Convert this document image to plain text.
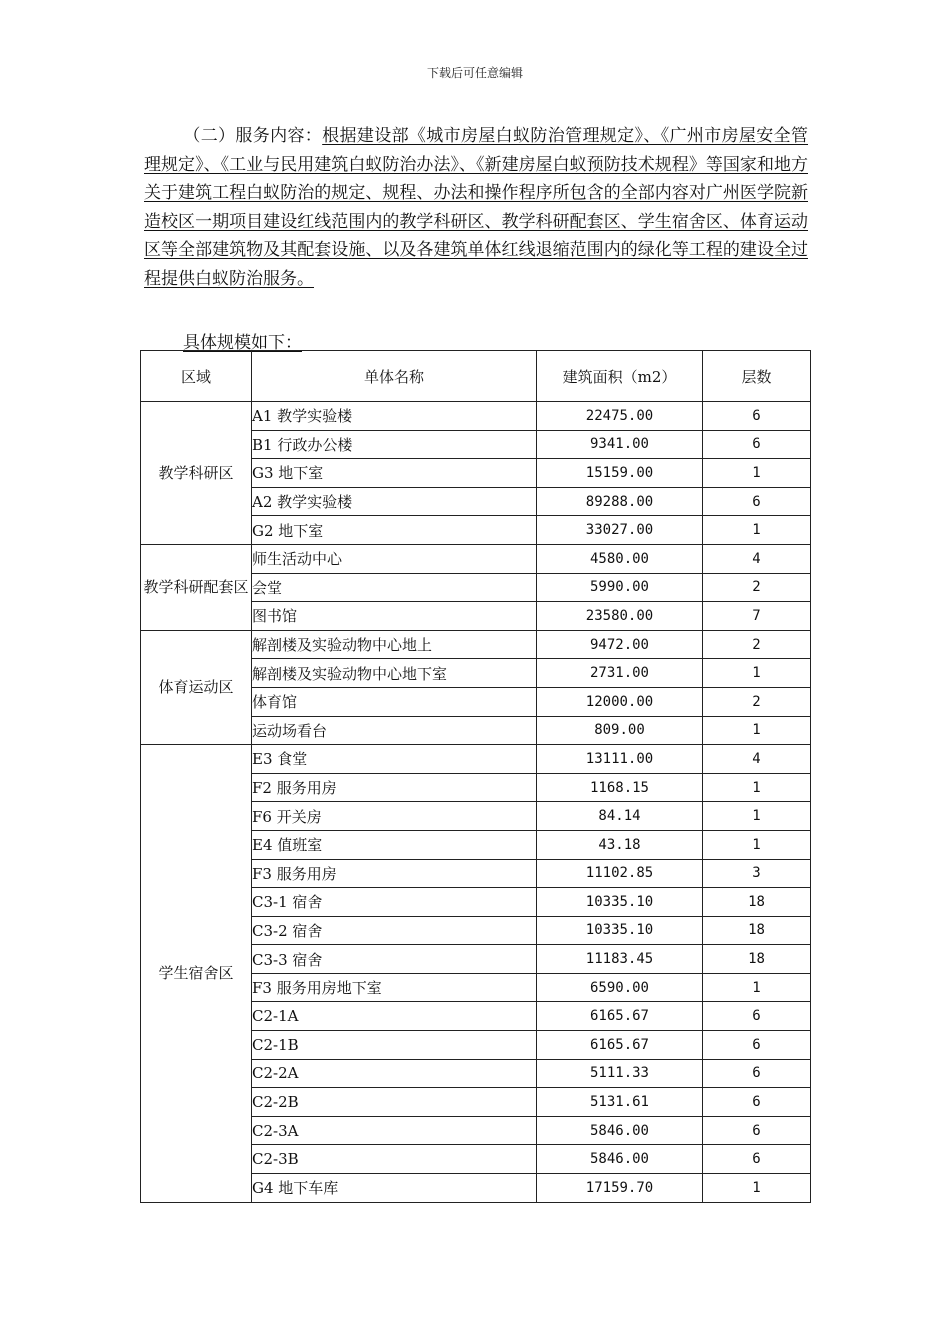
下载后可任意编辑
（二）服务内容：根据建设部《城市房屋白蚁防治管理规定》、《广州市房屋安全管理规定》、《工业与民用建筑白蚁防治办法》、《新建房屋白蚁预防技术规程》等国家和地方关于建筑工程白蚁防治的规定、规程、办法和操作程序所包含的全部内容对广州医学院新造校区一期项目建设红线范围内的教学科研区、教学科研配套区、学生宿舍区、体育运动区等全部建筑物及其配套设施、以及各建筑单体红线退缩范围内的绿化等工程的建设全过程提供白蚁防治服务。
具体规模如下：
区域	单体名称	建筑面积（m2）	层数
教学科研区	A1 教学实验楼	22475.00	6
	B1 行政办公楼	9341.00	6
	G3 地下室	15159.00	1
	A2 教学实验楼	89288.00	6
	G2 地下室	33027.00	1
教学科研配套区	师生活动中心	4580.00	4
	会堂	5990.00	2
	图书馆	23580.00	7
体育运动区	解剖楼及实验动物中心地上	9472.00	2
	解剖楼及实验动物中心地下室	2731.00	1
	体育馆	12000.00	2
	运动场看台	809.00	1
学生宿舍区	E3 食堂	13111.00	4
	F2 服务用房	1168.15	1
	F6 开关房	84.14	1
	E4 值班室	43.18	1
	F3 服务用房	11102.85	3
	C3-1 宿舍	10335.10	18
	C3-2 宿舍	10335.10	18
	C3-3 宿舍	11183.45	18
	F3 服务用房地下室	6590.00	1
	C2-1A	6165.67	6
	C2-1B	6165.67	6
	C2-2A	5111.33	6
	C2-2B	5131.61	6
	C2-3A	5846.00	6
	C2-3B	5846.00	6
	G4 地下车库	17159.70	1
